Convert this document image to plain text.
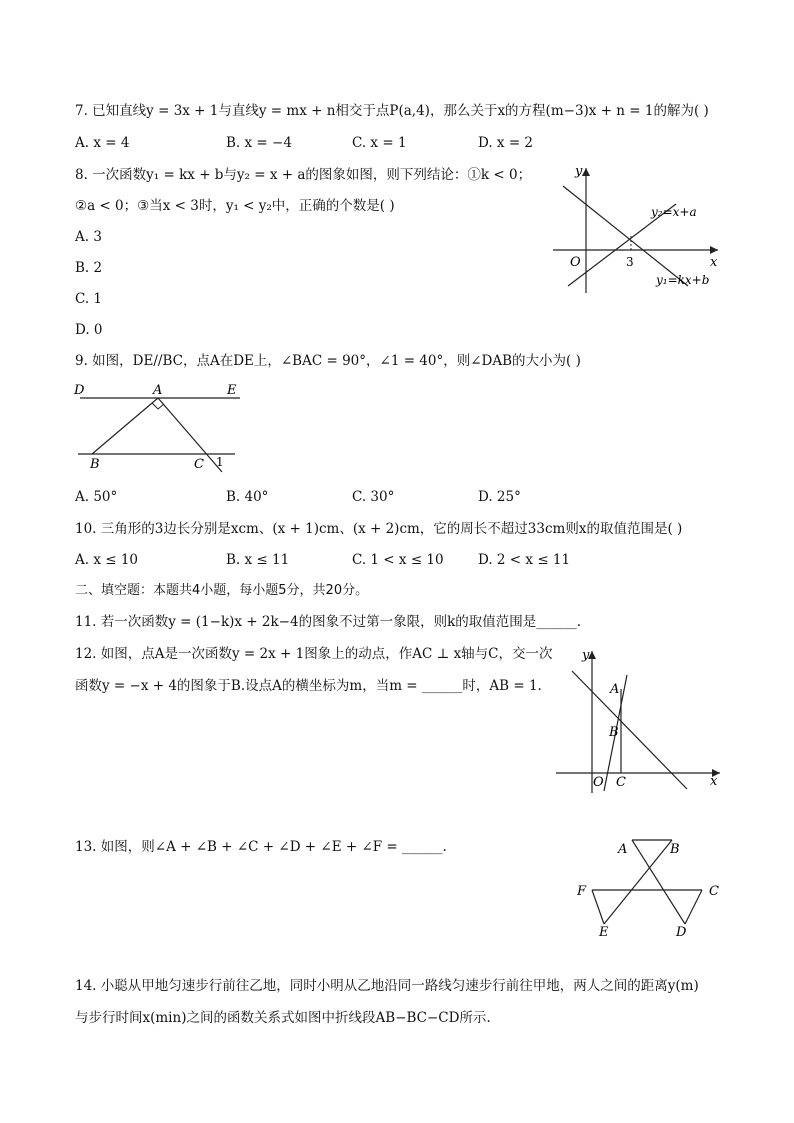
7. 已知直线y = 3x + 1与直线y = mx + n相交于点P(a,4)，那么关于x的方程(m−3)x + n = 1的解为( )
A. x = 4	B. x = −4	C. x = 1	D. x = 2
8. 一次函数y₁ = kx + b与y₂ = x + a的图象如图，则下列结论：①k < 0；
②a < 0；③当x < 3时，y₁ < y₂中，正确的个数是( )
A. 3
B. 2
C. 1
D. 0
y
x
O	3
y₂=x+a
y₁=kx+b
9. 如图，DE//BC，点A在DE上，∠BAC = 90°，∠1 = 40°，则∠DAB的大小为( )
D	A	E
B	C 1
A. 50°	B. 40°	C. 30°	D. 25°
10. 三角形的3边长分别是xcm、(x + 1)cm、(x + 2)cm，它的周长不超过33cm则x的取值范围是( )
A. x ≤ 10	B. x ≤ 11	C. 1 < x ≤ 10	D. 2 < x ≤ 11
二、填空题：本题共4小题，每小题5分，共20分。
11. 若一次函数y = (1−k)x + 2k−4的图象不过第一象限，则k的取值范围是______.
12. 如图，点A是一次函数y = 2x + 1图象上的动点，作AC ⊥ x轴与C，交一次
函数y = −x + 4的图象于B.设点A的横坐标为m，当m = ______时，AB = 1.
y
x
O
A
B
C
13. 如图，则∠A + ∠B + ∠C + ∠D + ∠E + ∠F = ______.	A	B
C
D
E
F
14. 小聪从甲地匀速步行前往乙地，同时小明从乙地沿同一路线匀速步行前往甲地，两人之间的距离y(m)
与步行时间x(min)之间的函数关系式如图中折线段AB−BC−CD所示.
